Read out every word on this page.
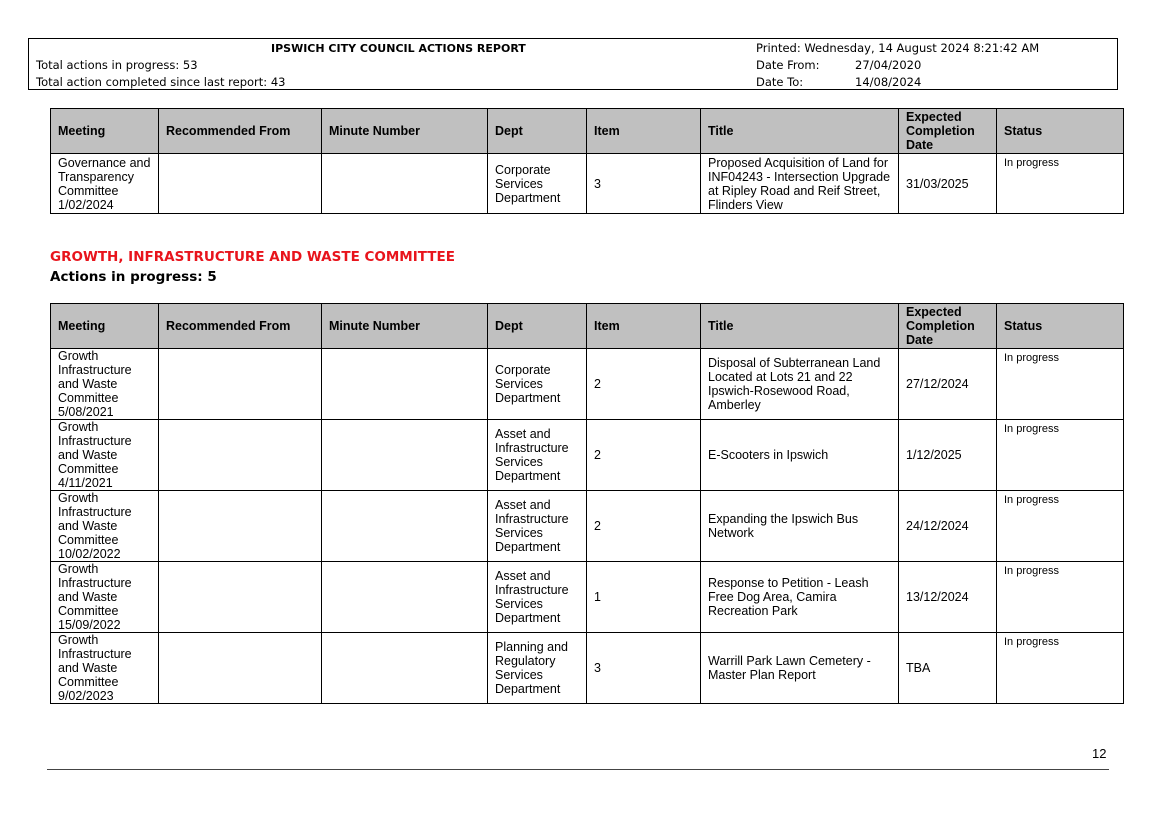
IPSWICH CITY COUNCIL ACTIONS REPORT
Total actions in progress: 53
Total action completed since last report: 43
Printed: Wednesday, 14 August 2024 8:21:42 AM
Date From:	27/04/2020
Date To:	14/08/2024
Meeting	Recommended From	Minute Number	Dept	Item	Title	Expected Completion Date	Status
Governance and Transparency Committee 1/02/2024			Corporate Services Department	3	Proposed Acquisition of Land for INF04243 - Intersection Upgrade at Ripley Road and Reif Street, Flinders View	31/03/2025	In progress
GROWTH, INFRASTRUCTURE AND WASTE COMMITTEE
Actions in progress: 5
Meeting	Recommended From	Minute Number	Dept	Item	Title	Expected Completion Date	Status
Growth Infrastructure and Waste Committee 5/08/2021			Corporate Services Department	2	Disposal of Subterranean Land Located at Lots 21 and 22 Ipswich-Rosewood Road, Amberley	27/12/2024	In progress
Growth Infrastructure and Waste Committee 4/11/2021			Asset and Infrastructure Services Department	2	E-Scooters in Ipswich	1/12/2025	In progress
Growth Infrastructure and Waste Committee 10/02/2022			Asset and Infrastructure Services Department	2	Expanding the Ipswich Bus Network	24/12/2024	In progress
Growth Infrastructure and Waste Committee 15/09/2022			Asset and Infrastructure Services Department	1	Response to Petition - Leash Free Dog Area, Camira Recreation Park	13/12/2024	In progress
Growth Infrastructure and Waste Committee 9/02/2023			Planning and Regulatory Services Department	3	Warrill Park Lawn Cemetery - Master Plan Report	TBA	In progress
12
